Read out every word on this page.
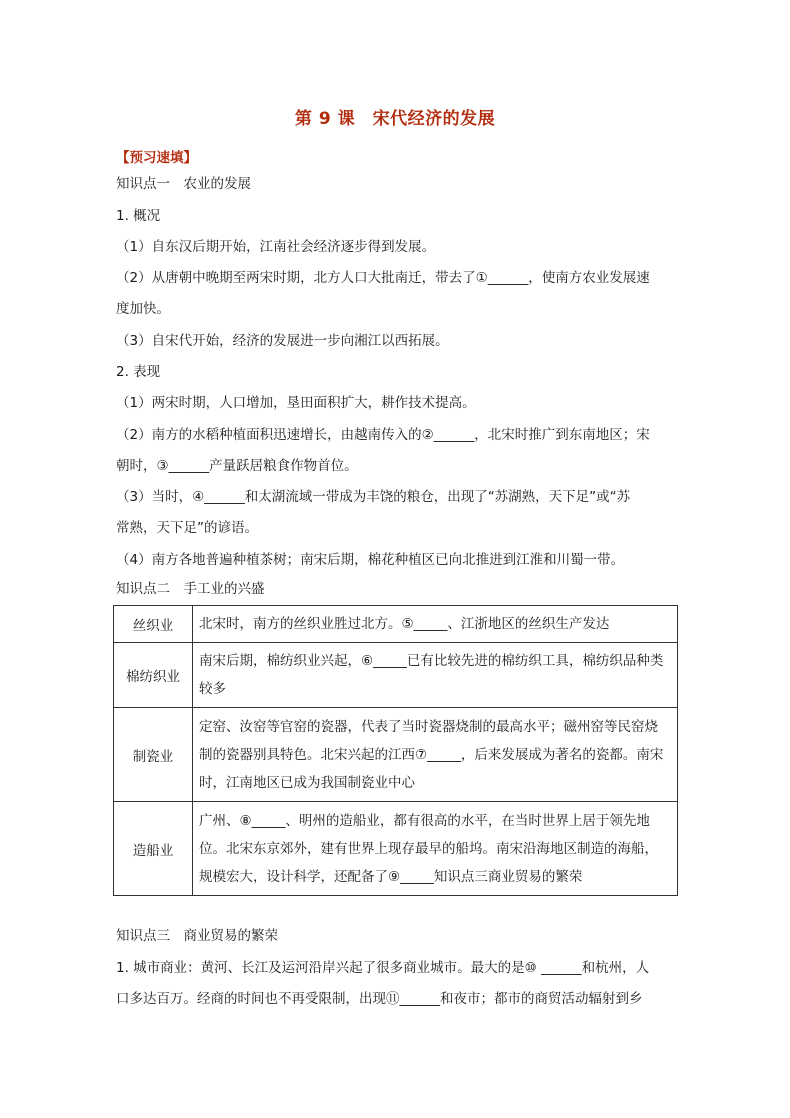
第 9 课　宋代经济的发展
【预习速填】
知识点一　农业的发展
1. 概况
（1）自东汉后期开始，江南社会经济逐步得到发展。
（2）从唐朝中晚期至两宋时期，北方人口大批南迁，带去了①______，使南方农业发展速
度加快。
（3）自宋代开始，经济的发展进一步向湘江以西拓展。
2. 表现
（1）两宋时期，人口增加，垦田面积扩大，耕作技术提高。
（2）南方的水稻种植面积迅速增长，由越南传入的②______，北宋时推广到东南地区；宋
朝时，③______产量跃居粮食作物首位。
（3）当时，④______和太湖流域一带成为丰饶的粮仓，出现了“苏湖熟，天下足”或“苏
常熟，天下足”的谚语。
（4）南方各地普遍种植茶树；南宋后期，棉花种植区已向北推进到江淮和川蜀一带。
知识点二　手工业的兴盛
丝织业	北宋时，南方的丝织业胜过北方。⑤_____、江浙地区的丝织生产发达
棉纺织业	南宋后期，棉纺织业兴起，⑥_____已有比较先进的棉纺织工具，棉纺织品种类较多
制瓷业	定窑、汝窑等官窑的瓷器，代表了当时瓷器烧制的最高水平；磁州窑等民窑烧制的瓷器别具特色。北宋兴起的江西⑦_____，后来发展成为著名的瓷都。南宋时，江南地区已成为我国制瓷业中心
造船业	广州、⑧_____、明州的造船业，都有很高的水平，在当时世界上居于领先地位。北宋东京郊外，建有世界上现存最早的船坞。南宋沿海地区制造的海船，规模宏大，设计科学，还配备了⑨_____知识点三商业贸易的繁荣
知识点三　商业贸易的繁荣
1. 城市商业：黄河、长江及运河沿岸兴起了很多商业城市。最大的是⑩ ______和杭州，人
口多达百万。经商的时间也不再受限制，出现⑪______和夜市；都市的商贸活动辐射到乡
